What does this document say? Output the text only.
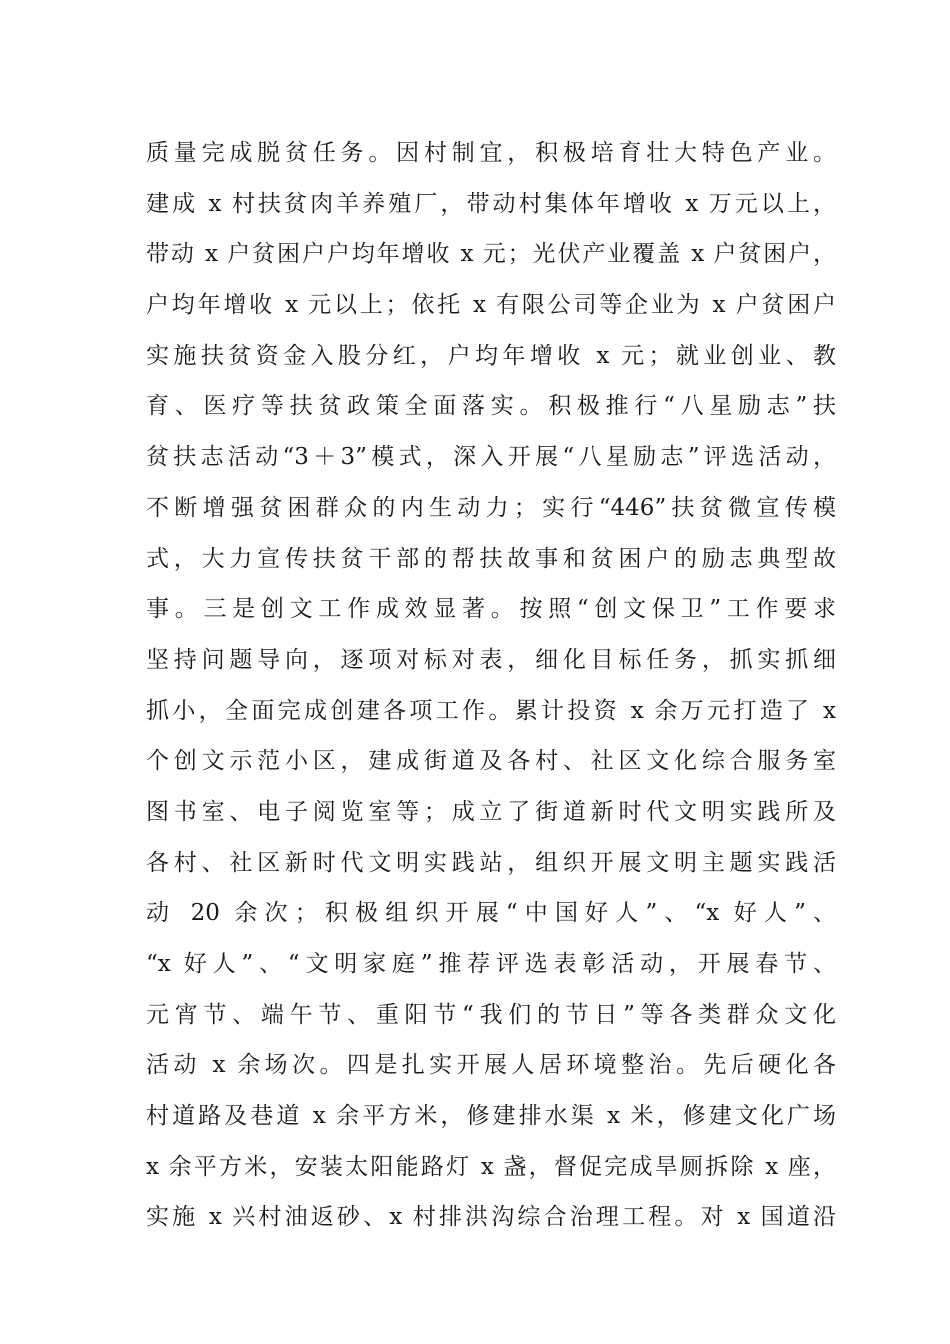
质量完成脱贫任务。因村制宜，积极培育壮大特色产业。
建成 x 村扶贫肉羊养殖厂，带动村集体年增收 x 万元以上，
带动 x 户贫困户户均年增收 x 元；光伏产业覆盖 x 户贫困户，
户均年增收 x 元以上；依托 x 有限公司等企业为 x 户贫困户
实施扶贫资金入股分红，户均年增收 x 元；就业创业、教
育、医疗等扶贫政策全面落实。积极推行“八星励志”扶
贫扶志活动“3＋3”模式，深入开展“八星励志”评选活动，
不断增强贫困群众的内生动力；实行“446”扶贫微宣传模
式，大力宣传扶贫干部的帮扶故事和贫困户的励志典型故
事。三是创文工作成效显著。按照“创文保卫”工作要求
坚持问题导向，逐项对标对表，细化目标任务，抓实抓细
抓小，全面完成创建各项工作。累计投资 x 余万元打造了 x
个创文示范小区，建成街道及各村、社区文化综合服务室
图书室、电子阅览室等；成立了街道新时代文明实践所及
各村、社区新时代文明实践站，组织开展文明主题实践活
动 20 余次；积极组织开展“中国好人”、“x 好人”、
“x 好人”、“文明家庭”推荐评选表彰活动，开展春节、
元宵节、端午节、重阳节“我们的节日”等各类群众文化
活动 x 余场次。四是扎实开展人居环境整治。先后硬化各
村道路及巷道 x 余平方米，修建排水渠 x 米，修建文化广场
x 余平方米，安装太阳能路灯 x 盏，督促完成旱厕拆除 x 座，
实施 x 兴村油返砂、x 村排洪沟综合治理工程。对 x 国道沿
